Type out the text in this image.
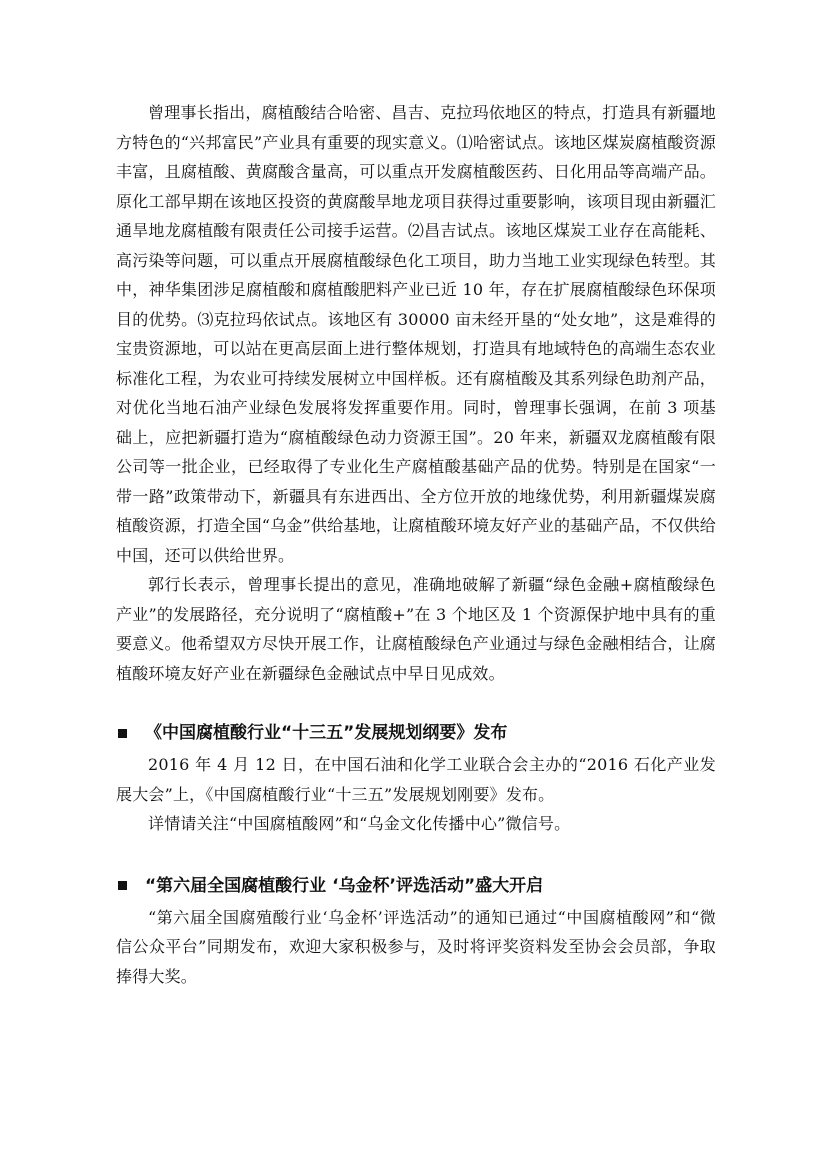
曾理事长指出，腐植酸结合哈密、昌吉、克拉玛依地区的特点，打造具有新疆地方特色的“兴邦富民”产业具有重要的现实意义。⑴哈密试点。该地区煤炭腐植酸资源丰富，且腐植酸、黄腐酸含量高，可以重点开发腐植酸医药、日化用品等高端产品。原化工部早期在该地区投资的黄腐酸旱地龙项目获得过重要影响，该项目现由新疆汇通旱地龙腐植酸有限责任公司接手运营。⑵昌吉试点。该地区煤炭工业存在高能耗、高污染等问题，可以重点开展腐植酸绿色化工项目，助力当地工业实现绿色转型。其中，神华集团涉足腐植酸和腐植酸肥料产业已近 10 年，存在扩展腐植酸绿色环保项目的优势。⑶克拉玛依试点。该地区有 30000 亩未经开垦的“处女地”，这是难得的宝贵资源地，可以站在更高层面上进行整体规划，打造具有地域特色的高端生态农业标准化工程，为农业可持续发展树立中国样板。还有腐植酸及其系列绿色助剂产品，对优化当地石油产业绿色发展将发挥重要作用。同时，曾理事长强调，在前 3 项基础上，应把新疆打造为“腐植酸绿色动力资源王国”。20 年来，新疆双龙腐植酸有限公司等一批企业，已经取得了专业化生产腐植酸基础产品的优势。特别是在国家“一带一路”政策带动下，新疆具有东进西出、全方位开放的地缘优势，利用新疆煤炭腐植酸资源，打造全国“乌金”供给基地，让腐植酸环境友好产业的基础产品，不仅供给中国，还可以供给世界。

郭行长表示，曾理事长提出的意见，准确地破解了新疆“绿色金融+腐植酸绿色产业”的发展路径，充分说明了“腐植酸+”在 3 个地区及 1 个资源保护地中具有的重要意义。他希望双方尽快开展工作，让腐植酸绿色产业通过与绿色金融相结合，让腐植酸环境友好产业在新疆绿色金融试点中早日见成效。

《中国腐植酸行业“十三五”发展规划纲要》发布

2016 年 4 月 12 日，在中国石油和化学工业联合会主办的“2016 石化产业发展大会”上，《中国腐植酸行业“十三五”发展规划刚要》发布。

详情请关注“中国腐植酸网”和“乌金文化传播中心”微信号。

“第六届全国腐植酸行业 ‘乌金杯’评选活动”盛大开启

“第六届全国腐殖酸行业‘乌金杯’评选活动”的通知已通过“中国腐植酸网”和“微信公众平台”同期发布，欢迎大家积极参与，及时将评奖资料发至协会会员部，争取捧得大奖。
